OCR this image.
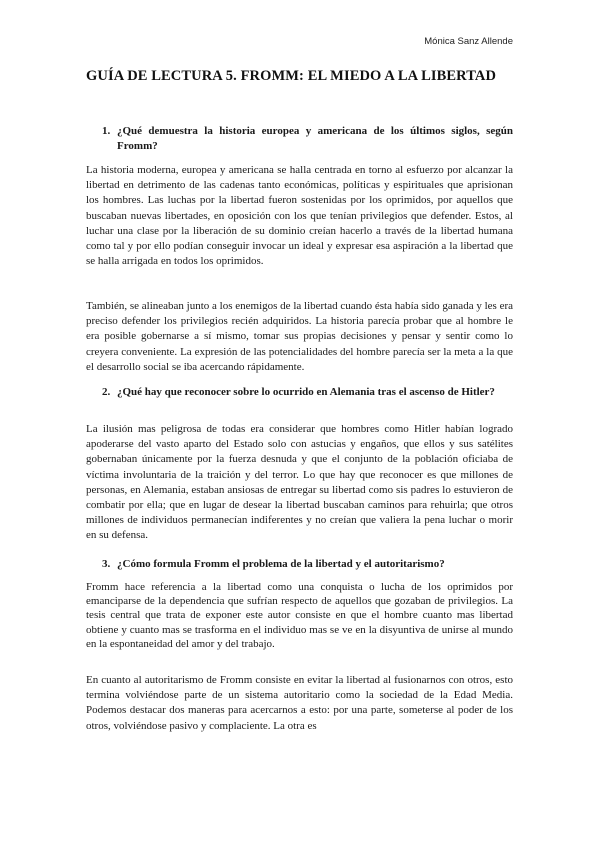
Mónica Sanz Allende
GUÍA DE LECTURA 5. FROMM: EL MIEDO A LA LIBERTAD
1. ¿Qué demuestra la historia europea y americana de los últimos siglos, según Fromm?

La historia moderna, europea y americana se halla centrada en torno al esfuerzo por alcanzar la libertad en detrimento de las cadenas tanto económicas, políticas y espirituales que aprisionan los hombres. Las luchas por la libertad fueron sostenidas por los oprimidos, por aquellos que buscaban nuevas libertades, en oposición con los que tenían privilegios que defender. Estos, al luchar una clase por la liberación de su dominio creían hacerlo a través de la libertad humana como tal y por ello podían conseguir invocar un ideal y expresar esa aspiración a la libertad que se halla arrigada en todos los oprimidos.

También, se alineaban junto a los enemigos de la libertad cuando ésta había sido ganada y les era preciso defender los privilegios recién adquiridos. La historia parecía probar que al hombre le era posible gobernarse a sí mismo, tomar sus propias decisiones y pensar y sentir como lo creyera conveniente. La expresión de las potencialidades del hombre parecía ser la meta a la que el desarrollo social se iba acercando rápidamente.

2. ¿Qué hay que reconocer sobre lo ocurrido en Alemania tras el ascenso de Hitler?

La ilusión mas peligrosa de todas era considerar que hombres como Hitler habían logrado apoderarse del vasto aparto del Estado solo con astucias y engaños, que ellos y sus satélites gobernaban únicamente por la fuerza desnuda y que el conjunto de la población oficiaba de víctima involuntaria de la traición y del terror. Lo que hay que reconocer es que millones de personas, en Alemania, estaban ansiosas de entregar su libertad como sis padres lo estuvieron de combatir por ella; que en lugar de desear la libertad buscaban caminos para rehuirla; que otros millones de individuos permanecían indiferentes y no creían que valiera la pena luchar o morir en su defensa.

3. ¿Cómo formula Fromm el problema de la libertad y el autoritarismo?

Fromm hace referencia a la libertad como una conquista o lucha de los oprimidos por emanciparse de la dependencia que sufrían respecto de aquellos que gozaban de privilegios. La tesis central que trata de exponer este autor consiste en que el hombre cuanto mas libertad obtiene y cuanto mas se trasforma en el individuo mas se ve en la disyuntiva de unirse al mundo en la espontaneidad del amor y del trabajo.

En cuanto al autoritarismo de Fromm consiste en evitar la libertad al fusionarnos con otros, esto termina volviéndose parte de un sistema autoritario como la sociedad de la Edad Media. Podemos destacar dos maneras para acercarnos a esto: por una parte, someterse al poder de los otros, volviéndose pasivo y complaciente. La otra es
